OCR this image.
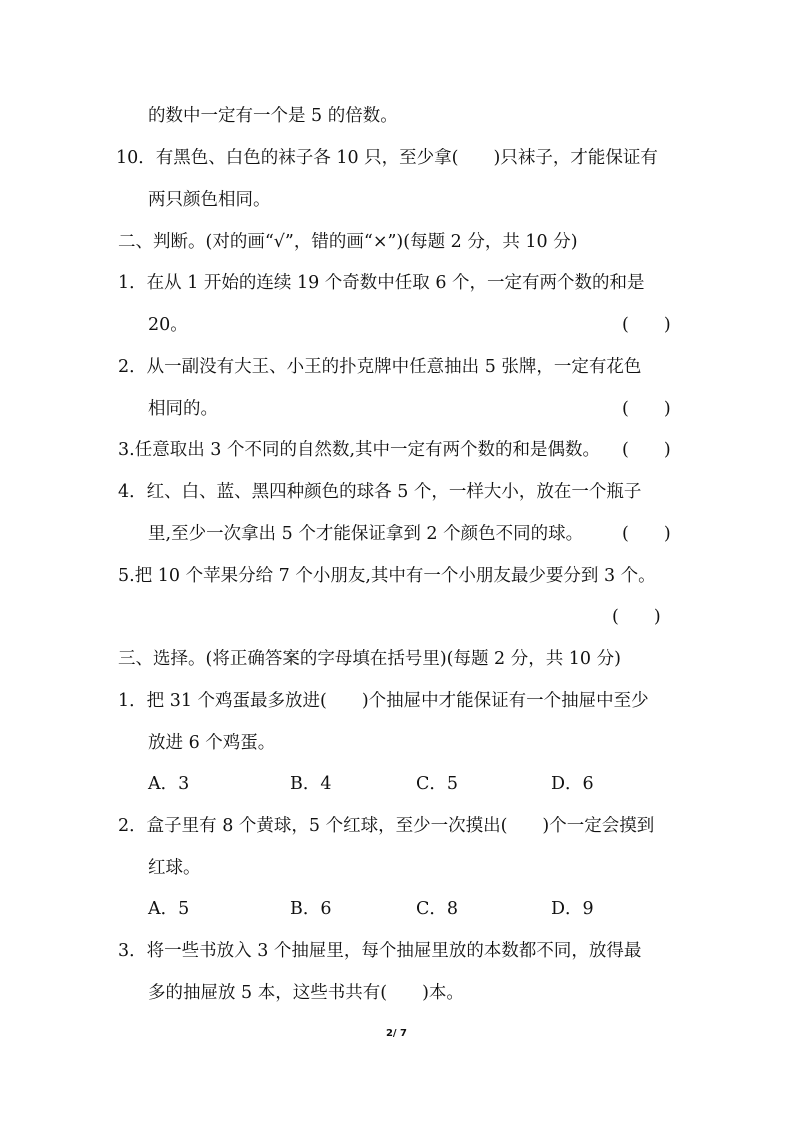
的数中一定有一个是 5 的倍数。
10．有黑色、白色的袜子各 10 只，至少拿(　　)只袜子，才能保证有
两只颜色相同。
二、判断。(对的画“√”，错的画“×”)(每题 2 分，共 10 分)
1．在从 1 开始的连续 19 个奇数中任取 6 个，一定有两个数的和是
20。	(　　)
2．从一副没有大王、小王的扑克牌中任意抽出 5 张牌，一定有花色
相同的。	(　　)
3.任意取出 3 个不同的自然数,其中一定有两个数的和是偶数。 (　　)
4．红、白、蓝、黑四种颜色的球各 5 个，一样大小，放在一个瓶子
里,至少一次拿出 5 个才能保证拿到 2 个颜色不同的球。 (　　)
5.把 10 个苹果分给 7 个小朋友,其中有一个小朋友最少要分到 3 个。
(　　)
三、选择。(将正确答案的字母填在括号里)(每题 2 分，共 10 分)
1．把 31 个鸡蛋最多放进(　　)个抽屉中才能保证有一个抽屉中至少
放进 6 个鸡蛋。
A．3	B．4	C．5	D．6
2．盒子里有 8 个黄球，5 个红球，至少一次摸出(　　)个一定会摸到
红球。
A．5	B．6	C．8	D．9
3．将一些书放入 3 个抽屉里，每个抽屉里放的本数都不同，放得最
多的抽屉放 5 本，这些书共有(　　)本。
2/ 7
